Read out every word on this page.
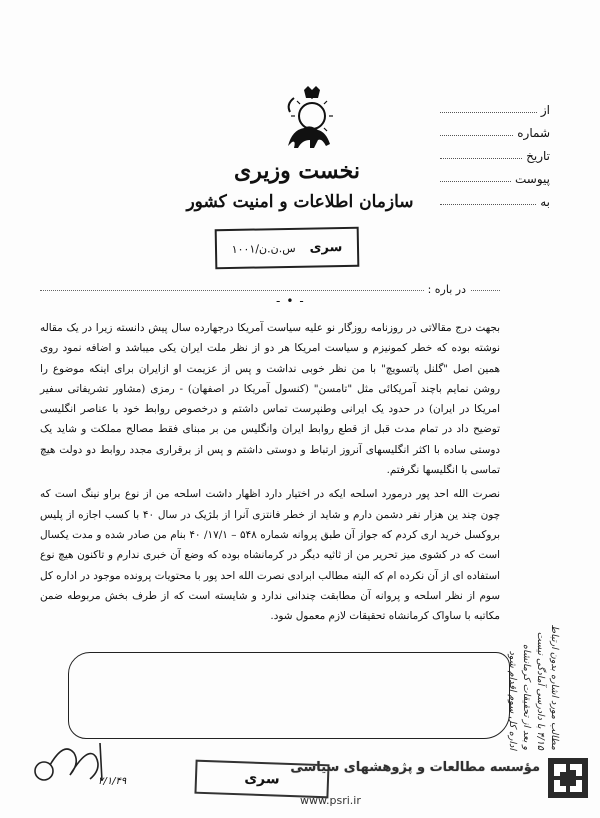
نخست وزیری
سازمان اطلاعات و امنیت کشور
۱۰۰۱/س.ن.ن سری
از
شماره
تاریخ
پیوست
به
در باره :
-•-

بجهت درج مقالاتی در روزنامه روزگار نو علیه سیاست آمریکا درجهارده سال پیش دانسته زیرا در یک مقاله نوشته بوده که خطر کمونیزم و سیاست امریکا هر دو از نظر ملت ایران یکی میباشد و اضافه نمود روی همین اصل "گلنل پاتسویچ" با من نظر خوبی نداشت و پس از عزیمت او ازایران برای اینکه موضوع را روشن نمایم باچند آمریکائی مثل "تامسن" (کنسول آمریکا در اصفهان) - رمزی (مشاور تشریفاتی سفیر امریکا در ایران) در حدود یک ایرانی وطنپرست تماس داشتم و درخصوص روابط خود با عناصر انگلیسی توضیح داد در تمام مدت قبل از قطع روابط ایران وانگلیس من بر مبنای فقط مصالح مملکت و شاید یک دوستی ساده با اکثر انگلیسهای آنروز ارتباط و دوستی داشتم و پس از برقراری مجدد روابط دو دولت هیچ تماسی با انگلیسها نگرفتم.

نصرت الله احد پور درمورد اسلحه ایکه در اختیار دارد اظهار داشت اسلحه من از نوع براو نینگ است که چون چند ین هزار نفر دشمن دارم و شاید از خطر فانتزی آنرا از بلژیک در سال ۴۰ با کسب اجازه از پلیس بروکسل خرید اری کردم که جواز آن طبق پروانه شماره ۵۴۸ – ۱۷/۱/ ۴۰ بنام من صادر شده و مدت یکسال است که در کشوی میز تحریر من از ثاثیه دیگر در کرمانشاه بوده که وضع آن خبری ندارم و تاکنون هیچ نوع استفاده ای از آن نکرده ام که البته مطالب ابرادی نصرت الله احد پور با محتویات پرونده موجود در اداره کل سوم از نظر اسلحه و پروانه آن مطابقت چندانی ندارد و شایسته است که از طرف بخش مربوطه ضمن مکاتبه با ساواک کرمانشاه تحقیقات لازم معمول شود.

مطالب مورد اشاره بدون ارتباط
۴/۱۵ با دادرسی آمادگی نیست
و بعد از تحقیقات کرمانشاه
اداره کل سوم اقدام شود
۲/۱/۴۹	سری
مؤسسه مطالعات و پژوهشهای سیاسی
www.psri.ir
